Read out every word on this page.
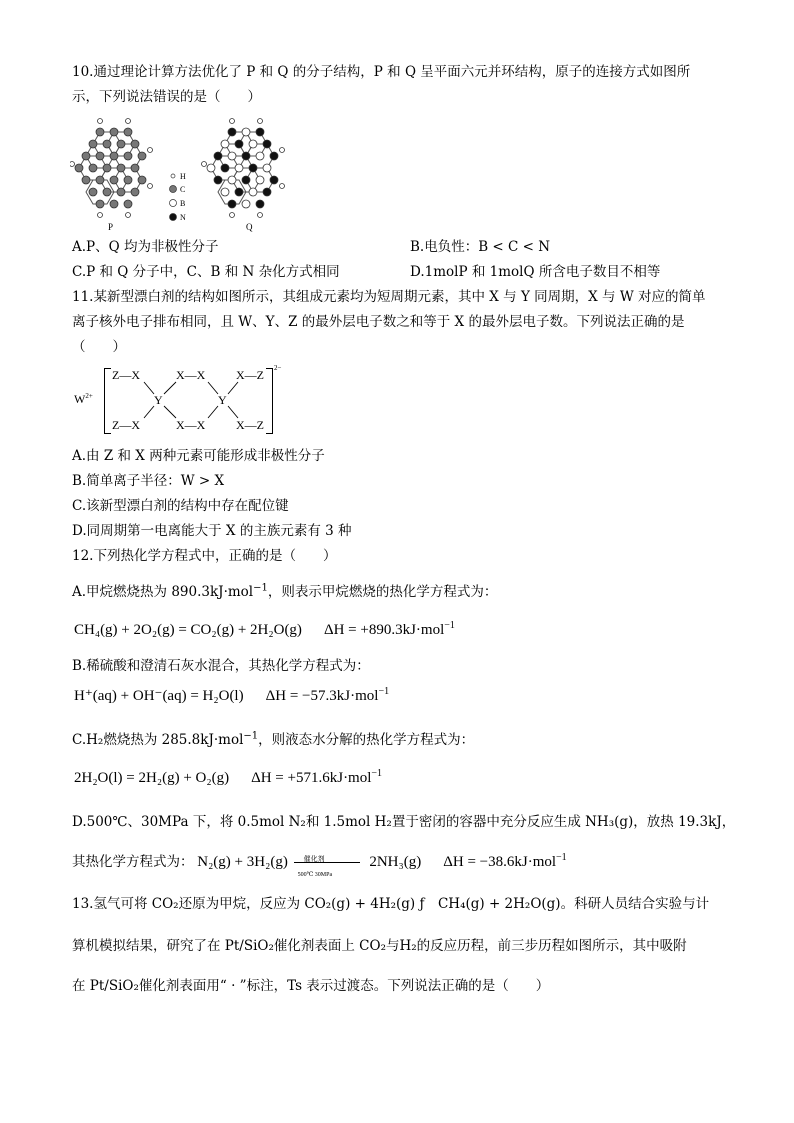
10.通过理论计算方法优化了 P 和 Q 的分子结构，P 和 Q 呈平面六元并环结构，原子的连接方式如图所
示，下列说法错误的是（　　）
P
H
C
B
N
Q
A.P、Q 均为非极性分子	B.电负性：B < C < N
C.P 和 Q 分子中，C、B 和 N 杂化方式相同	D.1molP 和 1molQ 所含电子数目不相等
11.某新型漂白剂的结构如图所示，其组成元素均为短周期元素，其中 X 与 Y 同周期，X 与 W 对应的简单
离子核外电子排布相同，且 W、Y、Z 的最外层电子数之和等于 X 的最外层电子数。下列说法正确的是
（　　）
$W^{2+}$
2−
Z—X	X—X	X—Z
Z—X	X—X	X—Z
Y	Y
A.由 Z 和 X 两种元素可能形成非极性分子
B.简单离子半径：W > X
C.该新型漂白剂的结构中存在配位键
D.同周期第一电离能大于 X 的主族元素有 3 种
12.下列热化学方程式中，正确的是（　　）
A.甲烷燃烧热为 890.3kJ·mol$^{-1}$，则表示甲烷燃烧的热化学方程式为：
CH₄(g) + 2O₂(g) = CO₂(g) + 2H₂O(g) ΔH = +890.3kJ·mol$^{-1}$
B.稀硫酸和澄清石灰水混合，其热化学方程式为：
H⁺(aq) + OH⁻(aq) = H₂O(l) ΔH = −57.3kJ·mol$^{-1}$
C.H₂燃烧热为 285.8kJ·mol$^{-1}$，则液态水分解的热化学方程式为：
2H₂O(l) = 2H₂(g) + O₂(g) ΔH = +571.6kJ·mol$^{-1}$
D.500℃、30MPa 下，将 0.5mol N₂和 1.5mol H₂置于密闭的容器中充分反应生成 NH₃(g)，放热 19.3kJ，
其热化学方程式为： N₂(g) + 3H₂(g) 催化剂
500℃ 30MPa
2NH₃(g) ΔH = −38.6kJ·mol$^{-1}$
13.氢气可将 CO₂还原为甲烷，反应为 CO₂(g) + 4H₂(g) ƒ　CH₄(g) + 2H₂O(g)。科研人员结合实验与计
算机模拟结果，研究了在 Pt/SiO₂催化剂表面上 CO₂与H₂的反应历程，前三步历程如图所示，其中吸附
在 Pt/SiO₂催化剂表面用“ · ”标注，Ts 表示过渡态。下列说法正确的是（　　）
